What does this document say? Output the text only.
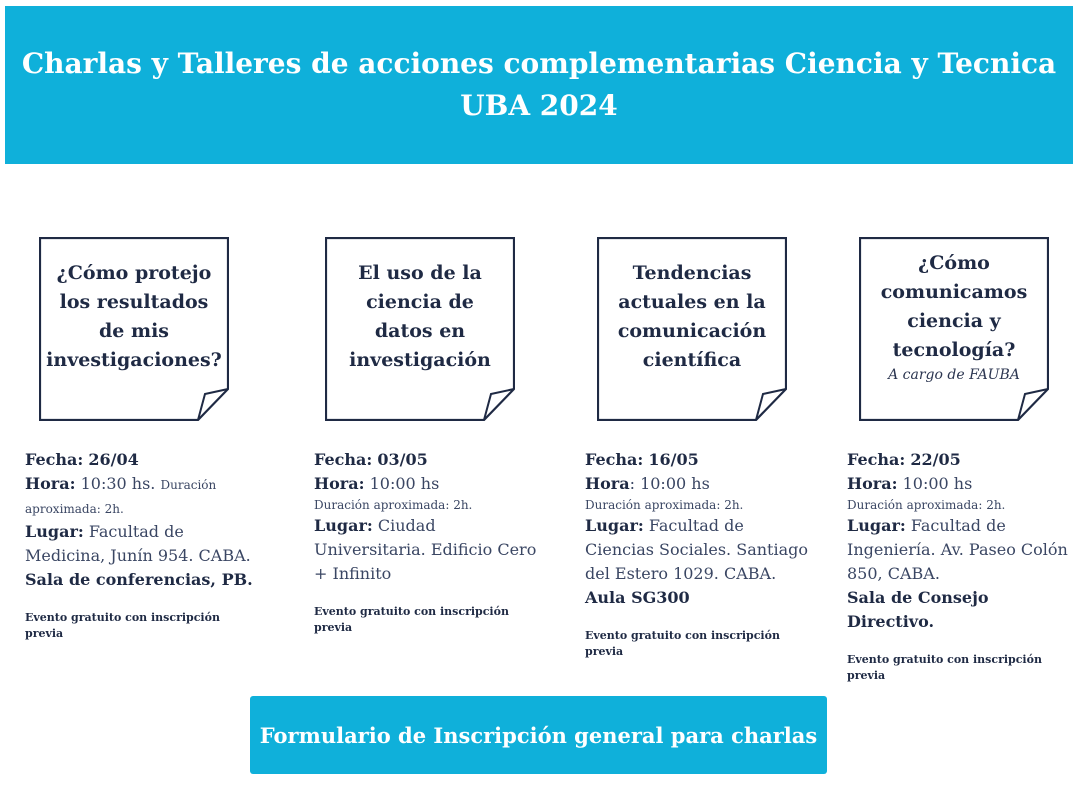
Charlas y Talleres de acciones complementarias Ciencia y Tecnica
UBA 2024
¿Cómo protejo
los resultados
de mis
investigaciones?
El uso de la
ciencia de
datos en
investigación
Tendencias
actuales en la
comunicación
científica
¿Cómo
comunicamos
ciencia y
tecnología?
A cargo de FAUBA
Fecha: 26/04
Hora: 10:30 hs. Duración aproximada: 2h.
Lugar: Facultad de Medicina, Junín 954. CABA.
Sala de conferencias, PB.
Evento gratuito con inscripción previa
Fecha: 03/05
Hora: 10:00 hs
Duración aproximada: 2h.
Lugar: Ciudad Universitaria. Edificio Cero + Infinito
Evento gratuito con inscripción previa
Fecha: 16/05
Hora: 10:00 hs
Duración aproximada: 2h.
Lugar: Facultad de Ciencias Sociales. Santiago del Estero 1029. CABA.
Aula SG300
Evento gratuito con inscripción previa
Fecha: 22/05
Hora: 10:00 hs
Duración aproximada: 2h.
Lugar: Facultad de Ingeniería. Av. Paseo Colón 850, CABA.
Sala de Consejo Directivo.
Evento gratuito con inscripción previa
Formulario de Inscripción general para charlas
